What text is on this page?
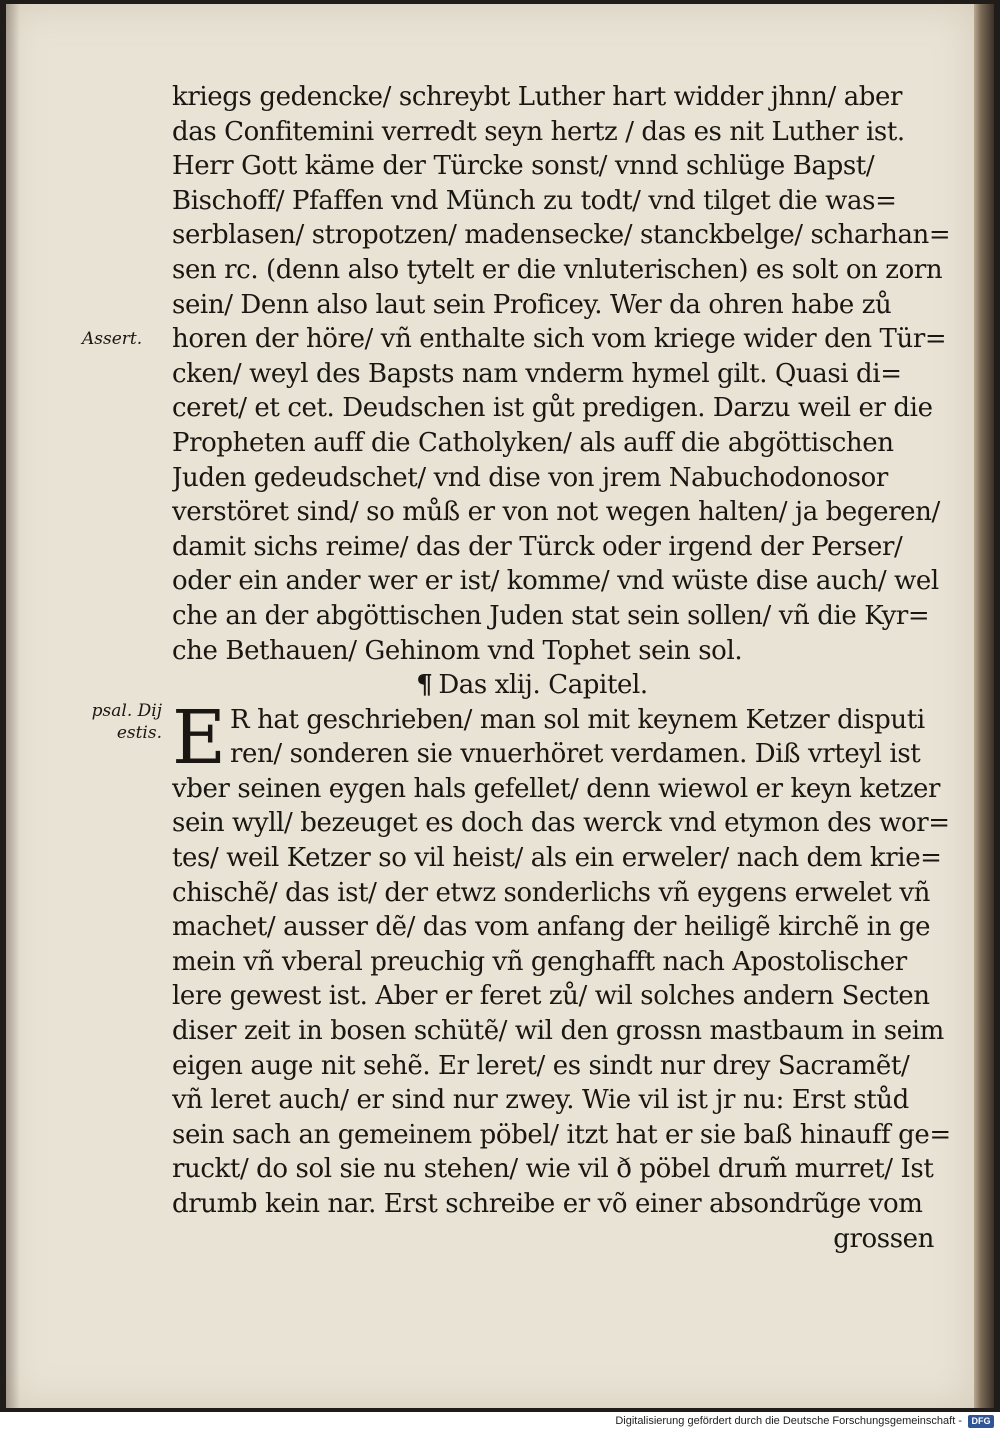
Assert.
psal. Dij
estis.
kriegs gedencke/ schreybt Luther hart widder jhnn/ aber
das Confitemini verredt seyn hertz / das es nit Luther ist.
Herr Gott käme der Türcke sonst/ vnnd schlüge Bapst/
Bischoff/ Pfaffen vnd Münch zu todt/ vnd tilget die was=
serblasen/ stropotzen/ madensecke/ stanckbelge/ scharhan=
sen rc. (denn also tytelt er die vnluterischen) es solt on zorn
sein/ Denn also laut sein Proficey. Wer da ohren habe zů
horen der höre/ vñ enthalte sich vom kriege wider den Tür=
cken/ weyl des Bapsts nam vnderm hymel gilt. Quasi di=
ceret/ et cet. Deudschen ist gůt predigen. Darzu weil er die
Propheten auff die Catholyken/ als auff die abgöttischen
Juden gedeudschet/ vnd dise von jrem Nabuchodonosor
verstöret sind/ so můß er von not wegen halten/ ja begeren/
damit sichs reime/ das der Türck oder irgend der Perser/
oder ein ander wer er ist/ komme/ vnd wüste dise auch/ wel
che an der abgöttischen Juden stat sein sollen/ vñ die Kyr=
che Bethauen/ Gehinom vnd Tophet sein sol.
¶ Das xlij. Capitel.
E R hat geschrieben/ man sol mit keynem Ketzer disputi
ren/ sonderen sie vnuerhöret verdamen. Diß vrteyl ist
vber seinen eygen hals gefellet/ denn wiewol er keyn ketzer
sein wyll/ bezeuget es doch das werck vnd etymon des wor=
tes/ weil Ketzer so vil heist/ als ein erweler/ nach dem krie=
chischẽ/ das ist/ der etwz sonderlichs vñ eygens erwelet vñ
machet/ ausser dẽ/ das vom anfang der heiligẽ kirchẽ in ge
mein vñ vberal preuchig vñ genghafft nach Apostolischer
lere gewest ist. Aber er feret zů/ wil solches andern Secten
diser zeit in bosen schütẽ/ wil den grossn mastbaum in seim
eigen auge nit sehẽ. Er leret/ es sindt nur drey Sacramẽt/
vñ leret auch/ er sind nur zwey. Wie vil ist jr nu: Erst stůd
sein sach an gemeinem pöbel/ itzt hat er sie baß hinauff ge=
ruckt/ do sol sie nu stehen/ wie vil ð pöbel drum̃ murret/ Ist
drumb kein nar. Erst schreibe er võ einer absondrũge vom
grossen
Digitalisierung gefördert durch die Deutsche Forschungsgemeinschaft -	DFG
